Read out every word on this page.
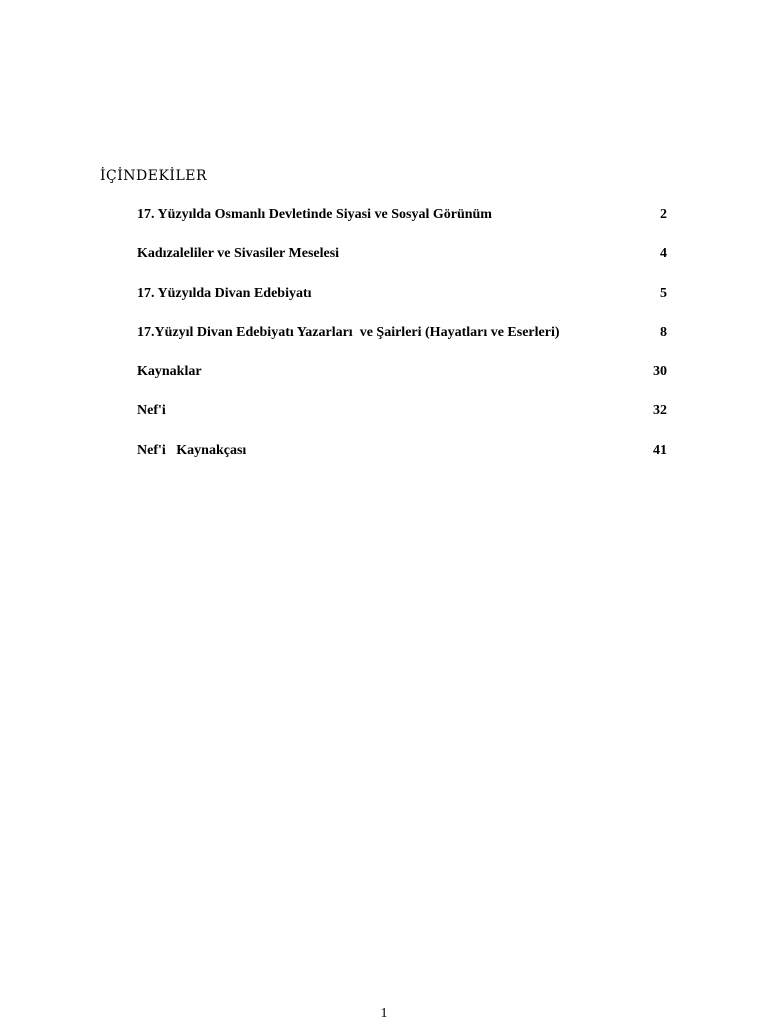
İÇİNDEKİLER
17. Yüzyılda Osmanlı Devletinde Siyasi ve Sosyal Görünüm	2
Kadızaleliler ve Sivasiler Meselesi	4
17. Yüzyılda Divan Edebiyatı	5
17.Yüzyıl Divan Edebiyatı Yazarları  ve Şairleri (Hayatları ve Eserleri)	8
Kaynaklar	30
Nef'i	32
Nef'i   Kaynakçası	41
1
